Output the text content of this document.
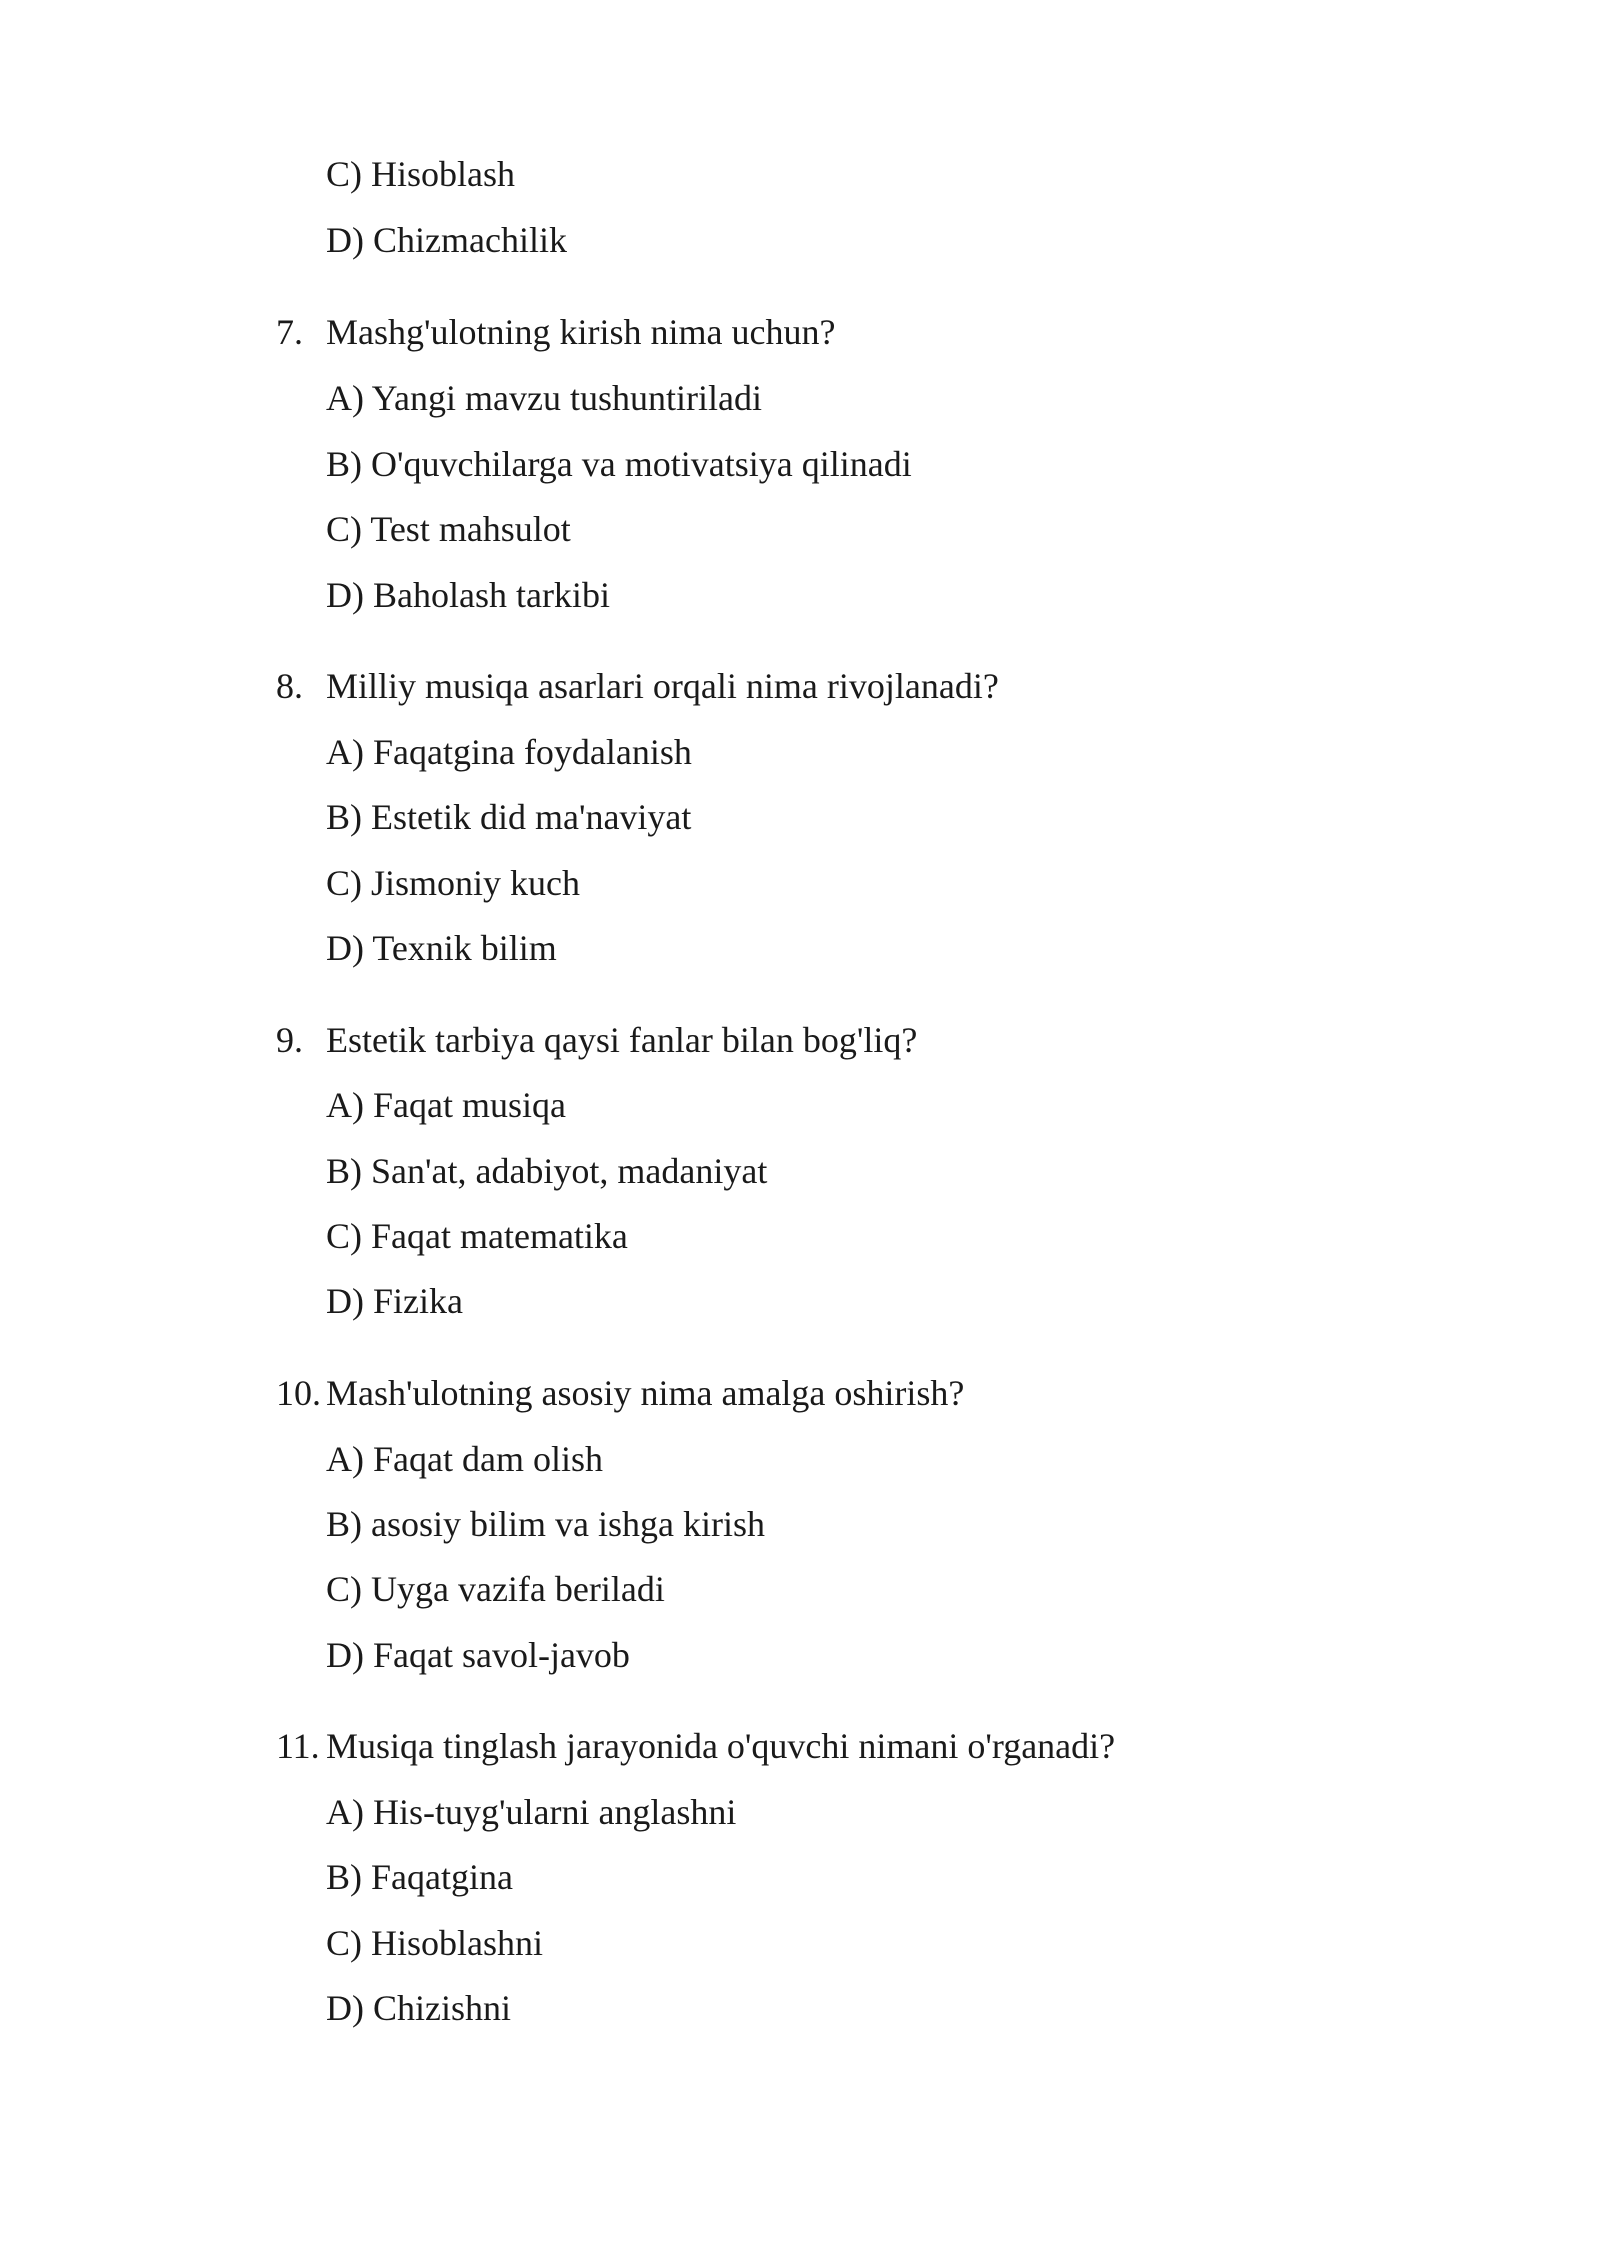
C) Hisoblash
D) Chizmachilik
7. Mashg'ulotning kirish nima uchun?
A) Yangi mavzu tushuntiriladi
B) O'quvchilarga va motivatsiya qilinadi
C) Test mahsulot
D) Baholash tarkibi
8. Milliy musiqa asarlari orqali nima rivojlanadi?
A) Faqatgina foydalanish
B) Estetik did ma'naviyat
C) Jismoniy kuch
D) Texnik bilim
9. Estetik tarbiya qaysi fanlar bilan bog'liq?
A) Faqat musiqa
B) San'at, adabiyot, madaniyat
C) Faqat matematika
D) Fizika
10. Mash'ulotning asosiy nima amalga oshirish?
A) Faqat dam olish
B) asosiy bilim va ishga kirish
C) Uyga vazifa beriladi
D) Faqat savol-javob
11. Musiqa tinglash jarayonida o'quvchi nimani o'rganadi?
A) His-tuyg'ularni anglashni
B) Faqatgina
C) Hisoblashni
D) Chizishni
